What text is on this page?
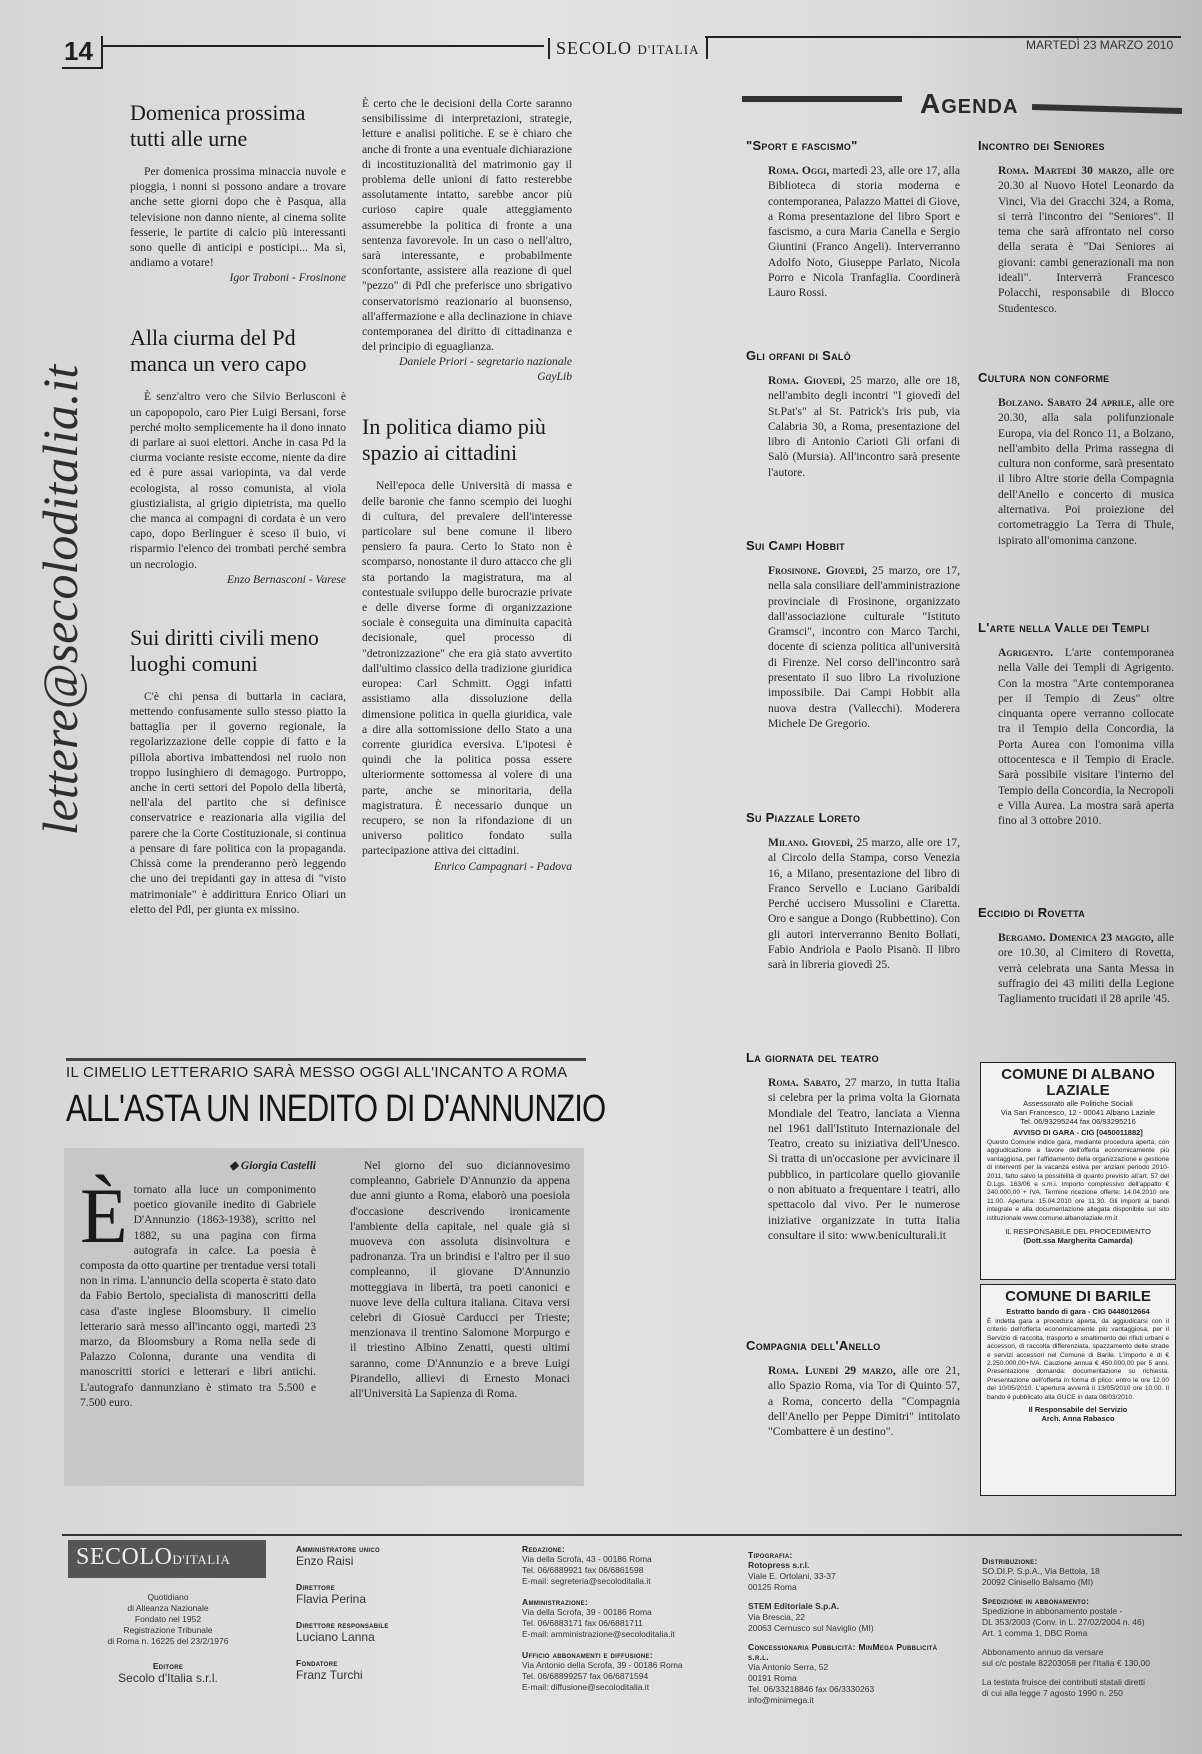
14	SECOLO D'ITALIA	MARTEDÌ 23 MARZO 2010
lettere@secoloditalia.it
Domenica prossima tutti alle urne

Per domenica prossima minaccia nuvole e pioggia, i nonni si possono andare a trovare anche sette giorni dopo che è Pasqua, alla televisione non danno niente, al cinema solite fesserie, le partite di calcio più interessanti sono quelle di anticipi e posticipi... Ma sì, andiamo a votare!

Igor Traboni - Frosinone

Alla ciurma del Pd manca un vero capo

È senz'altro vero che Silvio Berlusconi è un capopopolo, caro Pier Luigi Bersani, forse perché molto semplicemente ha il dono innato di parlare ai suoi elettori. Anche in casa Pd la ciurma vociante resiste eccome, niente da dire ed è pure assai variopinta, va dal verde ecologista, al rosso comunista, al viola giustizialista, al grigio dipietrista, ma quello che manca ai compagni di cordata è un vero capo, dopo Berlinguer è sceso il buio, vi risparmio l'elenco dei trombati perché sembra un necrologio.

Enzo Bernasconi - Varese

Sui diritti civili meno luoghi comuni

C'è chi pensa di buttarla in caciara, mettendo confusamente sullo stesso piatto la battaglia per il governo regionale, la regolarizzazione delle coppie di fatto e la pillola abortiva imbattendosi nel ruolo non troppo lusinghiero di demagogo. Purtroppo, anche in certi settori del Popolo della libertà, nell'ala del partito che si definisce conservatrice e reazionaria alla vigilia del parere che la Corte Costituzionale, si continua a pensare di fare politica con la propaganda. Chissà come la prenderanno però leggendo che uno dei trepidanti gay in attesa di "visto matrimoniale" è addirittura Enrico Oliari un eletto del Pdl, per giunta ex missino.

È certo che le decisioni della Corte saranno sensibilissime di interpretazioni, strategie, letture e analisi politiche. E se è chiaro che anche di fronte a una eventuale dichiarazione di incostituzionalità del matrimonio gay il problema delle unioni di fatto resterebbe assolutamente intatto, sarebbe ancor più curioso capire quale atteggiamento assumerebbe la politica di fronte a una sentenza favorevole. In un caso o nell'altro, sarà interessante, e probabilmente sconfortante, assistere alla reazione di quel "pezzo" di Pdl che preferisce uno sbrigativo conservatorismo reazionario al buonsenso, all'affermazione e alla declinazione in chiave contemporanea del diritto di cittadinanza e del principio di eguaglianza.

Daniele Priori - segretario nazionale GayLib

In politica diamo più spazio ai cittadini

Nell'epoca delle Università di massa e delle baronie che fanno scempio dei luoghi di cultura, del prevalere dell'interesse particolare sul bene comune il libero pensiero fa paura. Certo lo Stato non è scomparso, nonostante il duro attacco che gli sta portando la magistratura, ma al contestuale sviluppo delle burocrazie private e delle diverse forme di organizzazione sociale è conseguita una diminuita capacità decisionale, quel processo di "detronizzazione" che era già stato avvertito dall'ultimo classico della tradizione giuridica europea: Carl Schmitt. Oggi infatti assistiamo alla dissoluzione della dimensione politica in quella giuridica, vale a dire alla sottomissione dello Stato a una corrente giuridica eversiva. L'ipotesi è quindi che la politica possa essere ulteriormente sottomessa al volere di una parte, anche se minoritaria, della magistratura. È necessario dunque un recupero, se non la rifondazione di un universo politico fondato sulla partecipazione attiva dei cittadini.

Enrico Campagnari - Padova

Agenda
"Sport e fascismo"

Roma. Oggi, martedì 23, alle ore 17, alla Biblioteca di storia moderna e contemporanea, Palazzo Mattei di Giove, a Roma presentazione del libro Sport e fascismo, a cura Maria Canella e Sergio Giuntini (Franco Angeli). Interverranno Adolfo Noto, Giuseppe Parlato, Nicola Porro e Nicola Tranfaglia. Coordinerà Lauro Rossi.

Gli orfani di Salò

Roma. Giovedì, 25 marzo, alle ore 18, nell'ambito degli incontri "I giovedì del St.Pat's" al St. Patrick's Iris pub, via Calabria 30, a Roma, presentazione del libro di Antonio Carioti Gli orfani di Salò (Mursia). All'incontro sarà presente l'autore.

Sui Campi Hobbit

Frosinone. Giovedì, 25 marzo, ore 17, nella sala consiliare dell'amministrazione provinciale di Frosinone, organizzato dall'associazione culturale "Istituto Gramsci", incontro con Marco Tarchi, docente di scienza politica all'università di Firenze. Nel corso dell'incontro sarà presentato il suo libro La rivoluzione impossibile. Dai Campi Hobbit alla nuova destra (Vallecchi). Moderera Michele De Gregorio.

Su Piazzale Loreto

Milano. Giovedì, 25 marzo, alle ore 17, al Circolo della Stampa, corso Venezia 16, a Milano, presentazione del libro di Franco Servello e Luciano Garibaldi Perché uccisero Mussolini e Claretta. Oro e sangue a Dongo (Rubbettino). Con gli autori interverranno Benito Bollati, Fabio Andriola e Paolo Pisanò. Il libro sarà in libreria giovedì 25.

La giornata del teatro

Roma. Sabato, 27 marzo, in tutta Italia si celebra per la prima volta la Giornata Mondiale del Teatro, lanciata a Vienna nel 1961 dall'Istituto Internazionale del Teatro, creato su iniziativa dell'Unesco. Si tratta di un'occasione per avvicinare il pubblico, in particolare quello giovanile o non abituato a frequentare i teatri, allo spettacolo dal vivo. Per le numerose iniziative organizzate in tutta Italia consultare il sito: www.beniculturali.it

Compagnia dell'Anello

Roma. Lunedì 29 marzo, alle ore 21, allo Spazio Roma, via Tor di Quinto 57, a Roma, concerto della "Compagnia dell'Anello per Peppe Dimitri" intitolato "Combattere è un destino".

Incontro dei Seniores

Roma. Martedì 30 marzo, alle ore 20.30 al Nuovo Hotel Leonardo da Vinci, Via dei Gracchi 324, a Roma, si terrà l'incontro dei "Seniores". Il tema che sarà affrontato nel corso della serata è "Dai Seniores ai giovani: cambi generazionali ma non ideali". Interverrà Francesco Polacchi, responsabile di Blocco Studentesco.

Cultura non conforme

Bolzano. Sabato 24 aprile, alle ore 20.30, alla sala polifunzionale Europa, via del Ronco 11, a Bolzano, nell'ambito della Prima rassegna di cultura non conforme, sarà presentato il libro Altre storie della Compagnia dell'Anello e concerto di musica alternativa. Poi proiezione del cortometraggio La Terra di Thule, ispirato all'omonima canzone.

L'arte nella Valle dei Templi

Agrigento. L'arte contemporanea nella Valle dei Templi di Agrigento. Con la mostra "Arte contemporanea per il Tempio di Zeus" oltre cinquanta opere verranno collocate tra il Tempio della Concordia, la Porta Aurea con l'omonima villa ottocentesca e il Tempio di Eracle. Sarà possibile visitare l'interno del Tempio della Concordia, la Necropoli e Villa Aurea. La mostra sarà aperta fino al 3 ottobre 2010.

Eccidio di Rovetta

Bergamo. Domenica 23 maggio, alle ore 10.30, al Cimitero di Rovetta, verrà celebrata una Santa Messa in suffragio dei 43 militi della Legione Tagliamento trucidati il 28 aprile '45.

COMUNE DI ALBANO LAZIALE
Assessorato alle Politiche Sociali
Via San Francesco, 12 - 00041 Albano Laziale
Tel. 06/93295244 fax 06/93295216
AVVISO DI GARA - CIG [0450011882]

Questo Comune indice gara, mediante procedura aperta, con aggiudicazione a favore dell'offerta economicamente più vantaggiosa, per l'affidamento della organizzazione e gestione di interventi per la vacanza estiva per anziani periodo 2010-2011, fatto salvo la possibilità di quanto previsto all'art. 57 del D.Lgs. 163/06 e s.m.i. Importo complessivo dell'appalto € 240.000,00 + IVA. Termine ricezione offerte: 14.04.2010 ore 11.00. Apertura: 15.04.2010 ore 11.30. Gli importi ai bandi integrale e alla documentazione allegata disponibile sul sito istituzionale www.comune.albanolaziale.rm.it

IL RESPONSABILE DEL PROCEDIMENTO
(Dott.ssa Margherita Camarda)
COMUNE DI BARILE
Estratto bando di gara - CIG 0448012664

È indetta gara a procedura aperta, da aggiudicarsi con il criterio dell'offerta economicamente più vantaggiosa, per il Servizio di raccolta, trasporto e smaltimento dei rifiuti urbani e accessori, di raccolta differenziata, spazzamento delle strade e servizi accessori nel Comune di Barile. L'importo è di € 2.250.000,00+IVA. Cauzione annua € 450.000,00 per 5 anni. Presentazione domanda: documentazione su richiesta. Presentazione dell'offerta in forma di plico: entro le ore 12.00 del 10/05/2010. L'apertura avverrà il 13/05/2010 ore 10.00. Il bando è pubblicato alla GUCE in data 08/03/2010.

Il Responsabile del Servizio
Arch. Anna Rabasco
IL CIMELIO LETTERARIO SARÀ MESSO OGGI ALL'INCANTO A ROMA
ALL'ASTA UN INEDITO DI D'ANNUNZIO
◆ Giorgia Castelli
È tornato alla luce un componimento poetico giovanile inedito di Gabriele D'Annunzio (1863-1938), scritto nel 1882, su una pagina con firma autografa in calce. La poesia è composta da otto quartine per trentadue versi totali non in rima. L'annuncio della scoperta è stato dato da Fabio Bertolo, specialista di manoscritti della casa d'aste inglese Bloomsbury. Il cimelio letterario sarà messo all'incanto oggi, martedì 23 marzo, da Bloomsbury a Roma nella sede di Palazzo Colonna, durante una vendita di manoscritti storici e letterari e libri antichi. L'autografo dannunziano è stimato tra 5.500 e 7.500 euro.

Nel giorno del suo diciannovesimo compleanno, Gabriele D'Annunzio da appena due anni giunto a Roma, elaborò una poesiola d'occasione descrivendo ironicamente l'ambiente della capitale, nel quale già si muoveva con assoluta disinvoltura e padronanza. Tra un brindisi e l'altro per il suo compleanno, il giovane D'Annunzio motteggiava in libertà, tra poeti canonici e nuove leve della cultura italiana. Citava versi celebri di Giosuè Carducci per Trieste; menzionava il trentino Salomone Morpurgo e il triestino Albino Zenatti, questi ultimi saranno, come D'Annunzio e a breve Luigi Pirandello, allievi di Ernesto Monaci all'Università La Sapienza di Roma.

SECOLOD'ITALIA
Quotidiano
di Alleanza Nazionale
Fondato nel 1952
Registrazione Tribunale
di Roma n. 16225 del 23/2/1976
Editore
Secolo d'Italia s.r.l.
Amministratore unico
Enzo Raisi
Direttore
Flavia Perina
Direttore responsabile
Luciano Lanna
Fondatore
Franz Turchi
Redazione:
Via della Scrofa, 43 - 00186 Roma
Tel. 06/6889921 fax 06/6861598
E-mail: segreteria@secoloditalia.it
Amministrazione:
Via della Scrofa, 39 - 00186 Roma
Tel. 06/6883171 fax 06/6881711
E-mail: amministrazione@secoloditalia.it
Ufficio abbonamenti e diffusione:
Via Antonio della Scrofa, 39 - 00186 Roma
Tel. 06/68899257 fax 06/6871594
E-mail: diffusione@secoloditalia.it
Tipografia:
Rotopress s.r.l.
Viale E. Ortolani, 33-37
00125 Roma
STEM Editoriale S.p.A.
Via Brescia, 22
20063 Cernusco sul Naviglio (MI)
Concessionaria Pubblicità: MinMega Pubblicità s.r.l.
Via Antonio Serra, 52
00191 Roma
Tel. 06/33218846 fax 06/3330263
info@minimega.it
Distribuzione:
SO.DI.P. S.p.A., Via Bettola, 18
20092 Cinisello Balsamo (MI)
Spedizione in abbonamento:
Spedizione in abbonamento postale -
DL 353/2003 (Conv. in L. 27/02/2004 n. 46)
Art. 1 comma 1, DBC Roma
Abbonamento annuo da versare
sul c/c postale 82203058 per l'Italia € 130,00
La testata fruisce dei contributi statali diretti
di cui alla legge 7 agosto 1990 n. 250
